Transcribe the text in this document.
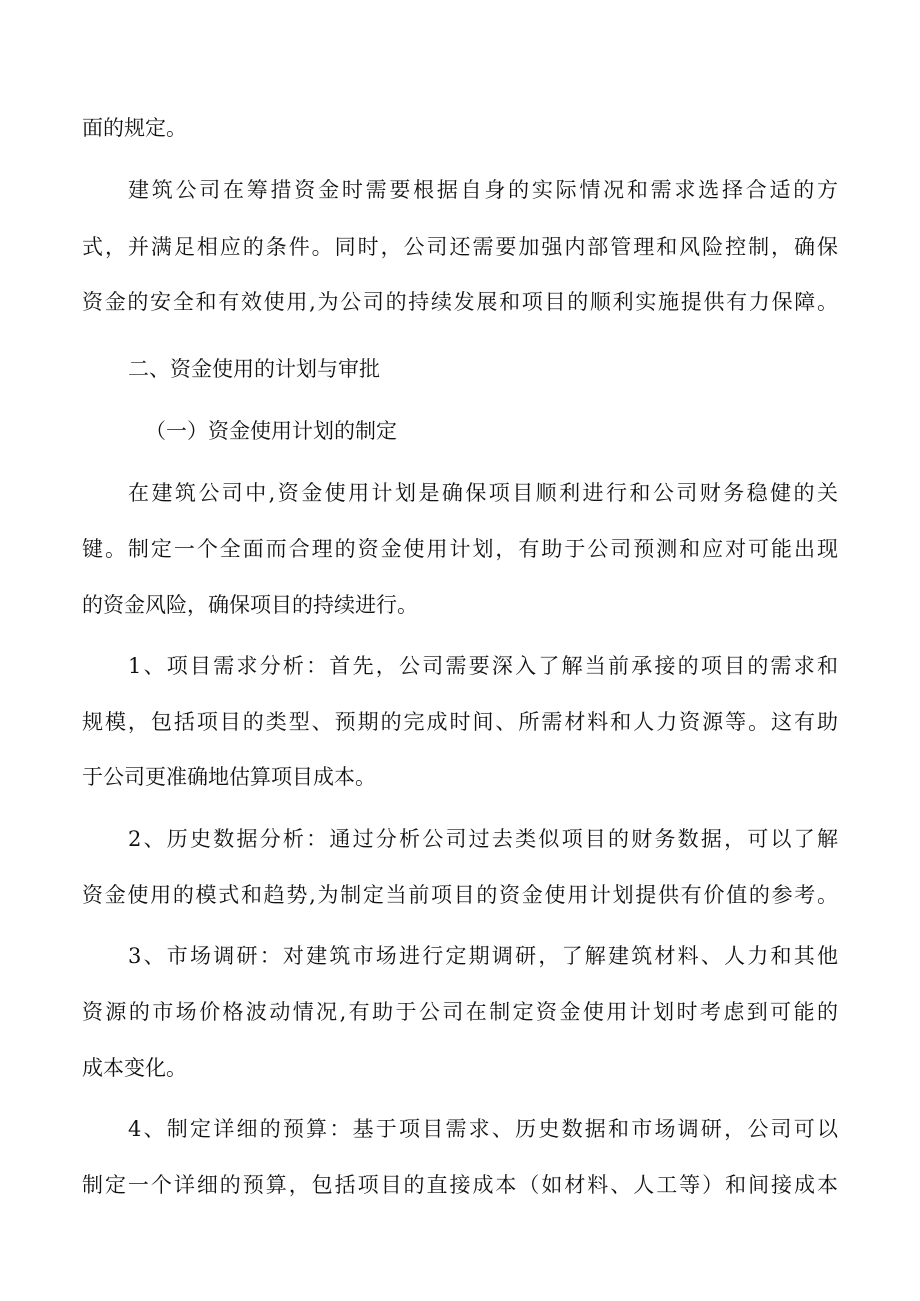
面的规定。
建筑公司在筹措资金时需要根据自身的实际情况和需求选择合适的方
式，并满足相应的条件。同时，公司还需要加强内部管理和风险控制，确保
资金的安全和有效使用,为公司的持续发展和项目的顺利实施提供有力保障。
二、资金使用的计划与审批
（一）资金使用计划的制定
在建筑公司中,资金使用计划是确保项目顺利进行和公司财务稳健的关
键。制定一个全面而合理的资金使用计划，有助于公司预测和应对可能出现
的资金风险，确保项目的持续进行。
1、项目需求分析：首先，公司需要深入了解当前承接的项目的需求和
规模，包括项目的类型、预期的完成时间、所需材料和人力资源等。这有助
于公司更准确地估算项目成本。
2、历史数据分析：通过分析公司过去类似项目的财务数据，可以了解
资金使用的模式和趋势,为制定当前项目的资金使用计划提供有价值的参考。
3、市场调研：对建筑市场进行定期调研，了解建筑材料、人力和其他
资源的市场价格波动情况,有助于公司在制定资金使用计划时考虑到可能的
成本变化。
4、制定详细的预算：基于项目需求、历史数据和市场调研，公司可以
制定一个详细的预算，包括项目的直接成本（如材料、人工等）和间接成本
